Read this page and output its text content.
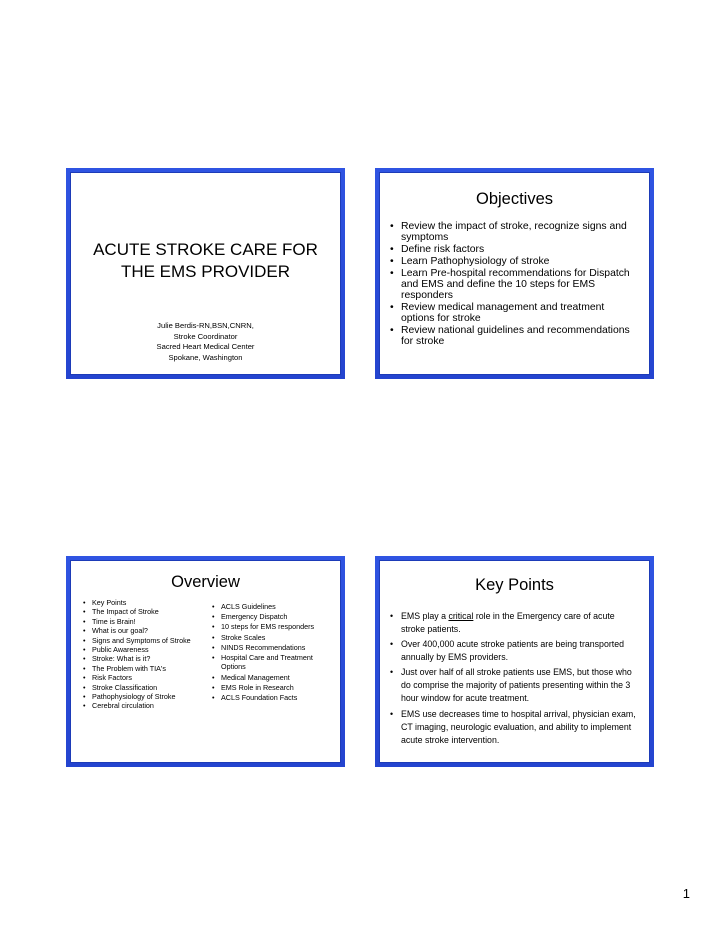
ACUTE STROKE CARE FOR THE EMS PROVIDER
Julie Berdis-RN,BSN,CNRN,
Stroke Coordinator
Sacred Heart Medical Center
Spokane, Washington
Objectives
• Review the impact of stroke, recognize signs and symptoms
• Define risk factors
• Learn Pathophysiology of stroke
• Learn Pre-hospital recommendations for Dispatch and EMS and define the 10 steps for EMS responders
• Review medical management and treatment options for stroke
• Review national guidelines and recommendations for stroke
Overview
• Key Points
• The Impact of Stroke
• Time is Brain!
• What is our goal?
• Signs and Symptoms of Stroke
• Public Awareness
• Stroke: What is it?
• The Problem with TIA's
• Risk Factors
• Stroke Classification
• Pathophysiology of Stroke
• Cerebral circulation
• ACLS Guidelines
• Emergency Dispatch
• 10 steps for EMS responders
• Stroke Scales
• NINDS Recommendations
• Hospital Care and Treatment Options
• Medical Management
• EMS Role in Research
• ACLS Foundation Facts
Key Points
• EMS play a critical role in the Emergency care of acute stroke patients.
• Over 400,000 acute stroke patients are being transported annually by EMS providers.
• Just over half of all stroke patients use EMS, but those who do comprise the majority of patients presenting within the 3 hour window for acute treatment.
• EMS use decreases time to hospital arrival, physician exam, CT imaging, neurologic evaluation, and ability to implement acute stroke intervention.
1
